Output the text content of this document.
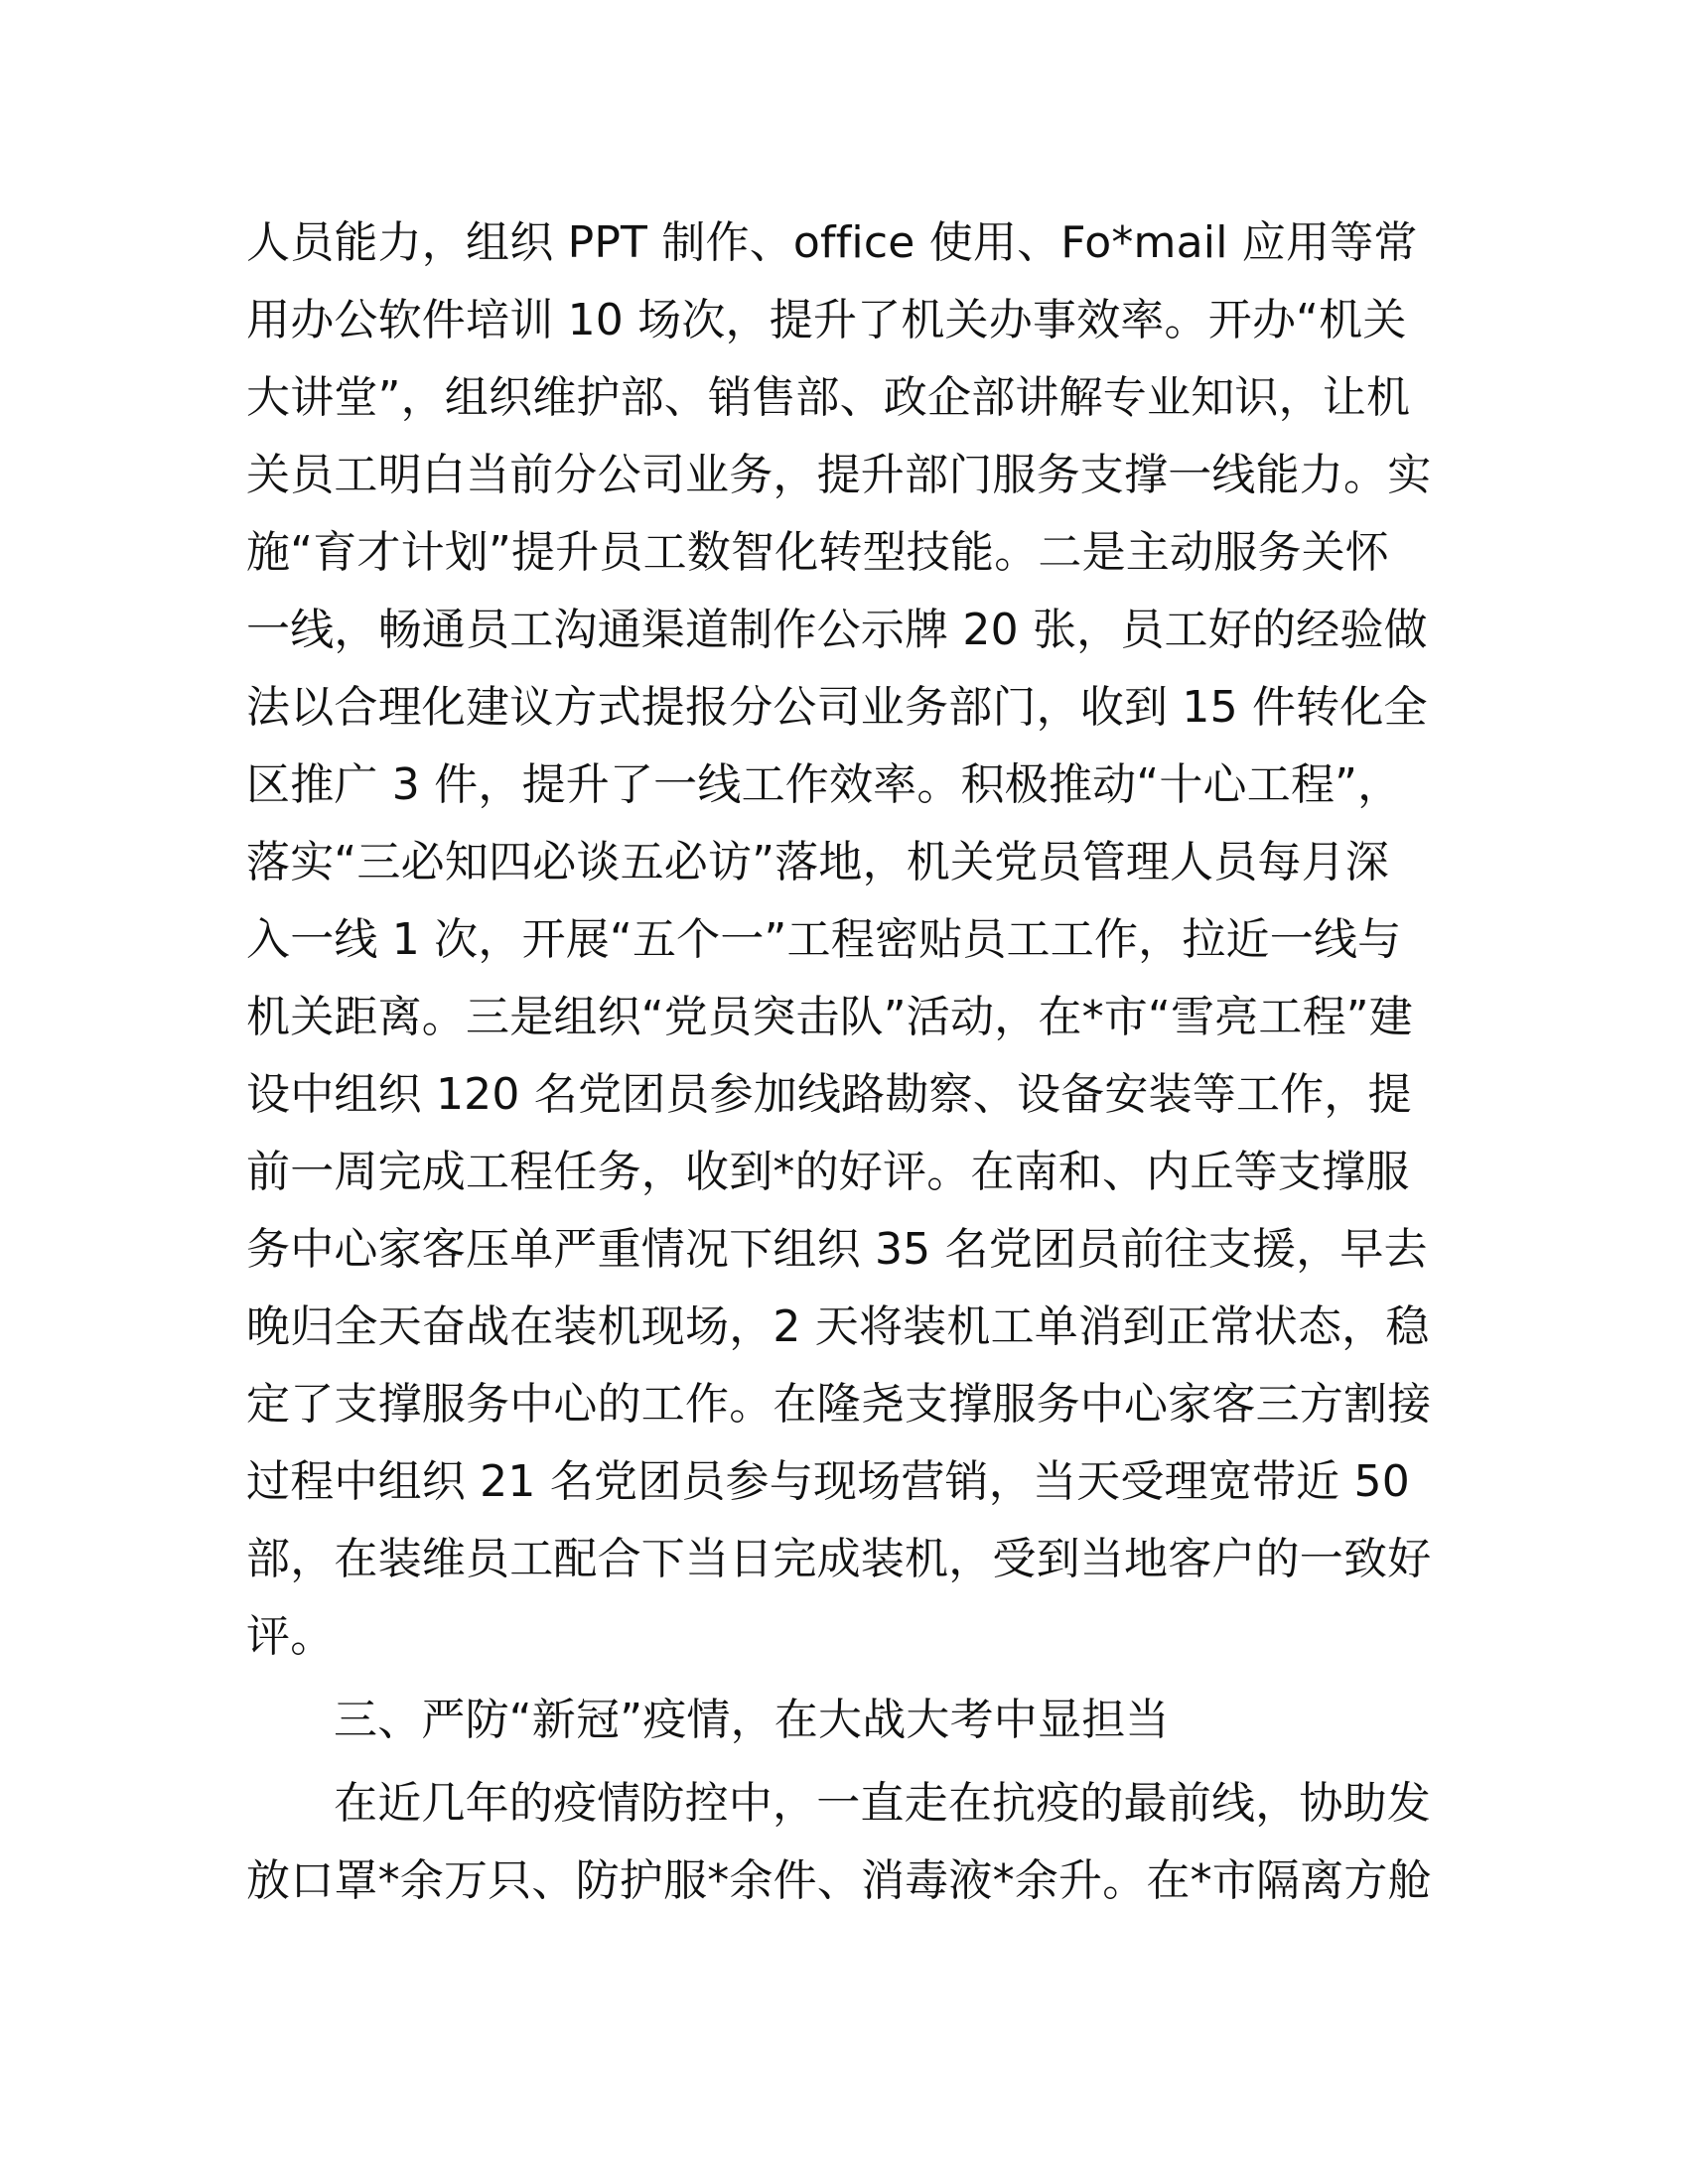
人员能力，组织 PPT 制作、office 使用、Fo*mail 应用等常
用办公软件培训 10 场次，提升了机关办事效率。开办“机关
大讲堂”，组织维护部、销售部、政企部讲解专业知识，让机
关员工明白当前分公司业务，提升部门服务支撑一线能力。实
施“育才计划”提升员工数智化转型技能。二是主动服务关怀
一线，畅通员工沟通渠道制作公示牌 20 张，员工好的经验做
法以合理化建议方式提报分公司业务部门，收到 15 件转化全
区推广 3 件，提升了一线工作效率。积极推动“十心工程”，
落实“三必知四必谈五必访”落地，机关党员管理人员每月深
入一线 1 次，开展“五个一”工程密贴员工工作，拉近一线与
机关距离。三是组织“党员突击队”活动，在*市“雪亮工程”建
设中组织 120 名党团员参加线路勘察、设备安装等工作，提
前一周完成工程任务，收到*的好评。在南和、内丘等支撑服
务中心家客压单严重情况下组织 35 名党团员前往支援，早去
晚归全天奋战在装机现场，2 天将装机工单消到正常状态，稳
定了支撑服务中心的工作。在隆尧支撑服务中心家客三方割接
过程中组织 21 名党团员参与现场营销，当天受理宽带近 50
部，在装维员工配合下当日完成装机，受到当地客户的一致好
评。
三、严防“新冠”疫情，在大战大考中显担当
在近几年的疫情防控中，一直走在抗疫的最前线，协助发
放口罩*余万只、防护服*余件、消毒液*余升。在*市隔离方舱
